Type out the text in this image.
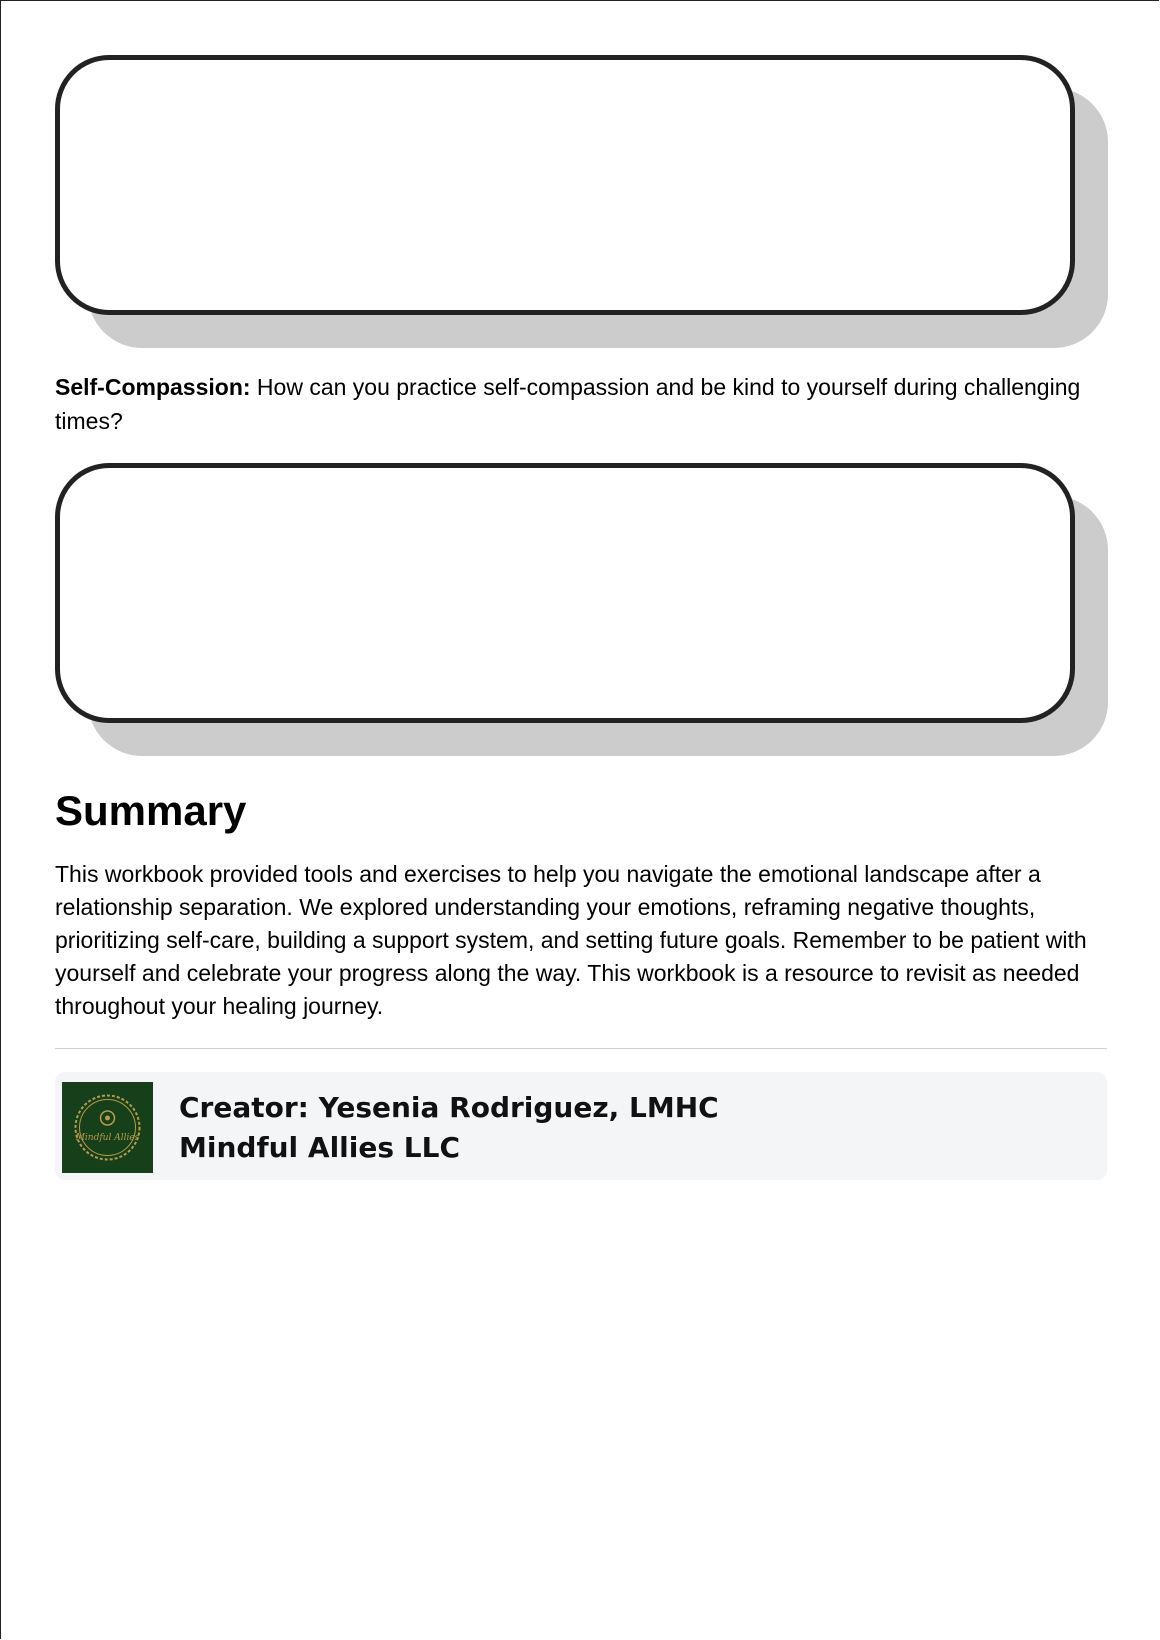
Self-Compassion: How can you practice self-compassion and be kind to yourself during challenging times?
Summary

This workbook provided tools and exercises to help you navigate the emotional landscape after a relationship separation. We explored understanding your emotions, reframing negative thoughts, prioritizing self-care, building a support system, and setting future goals. Remember to be patient with yourself and celebrate your progress along the way. This workbook is a resource to revisit as needed throughout your healing journey.

Mindful Allies
Creator: Yesenia Rodriguez, LMHC
Mindful Allies LLC
